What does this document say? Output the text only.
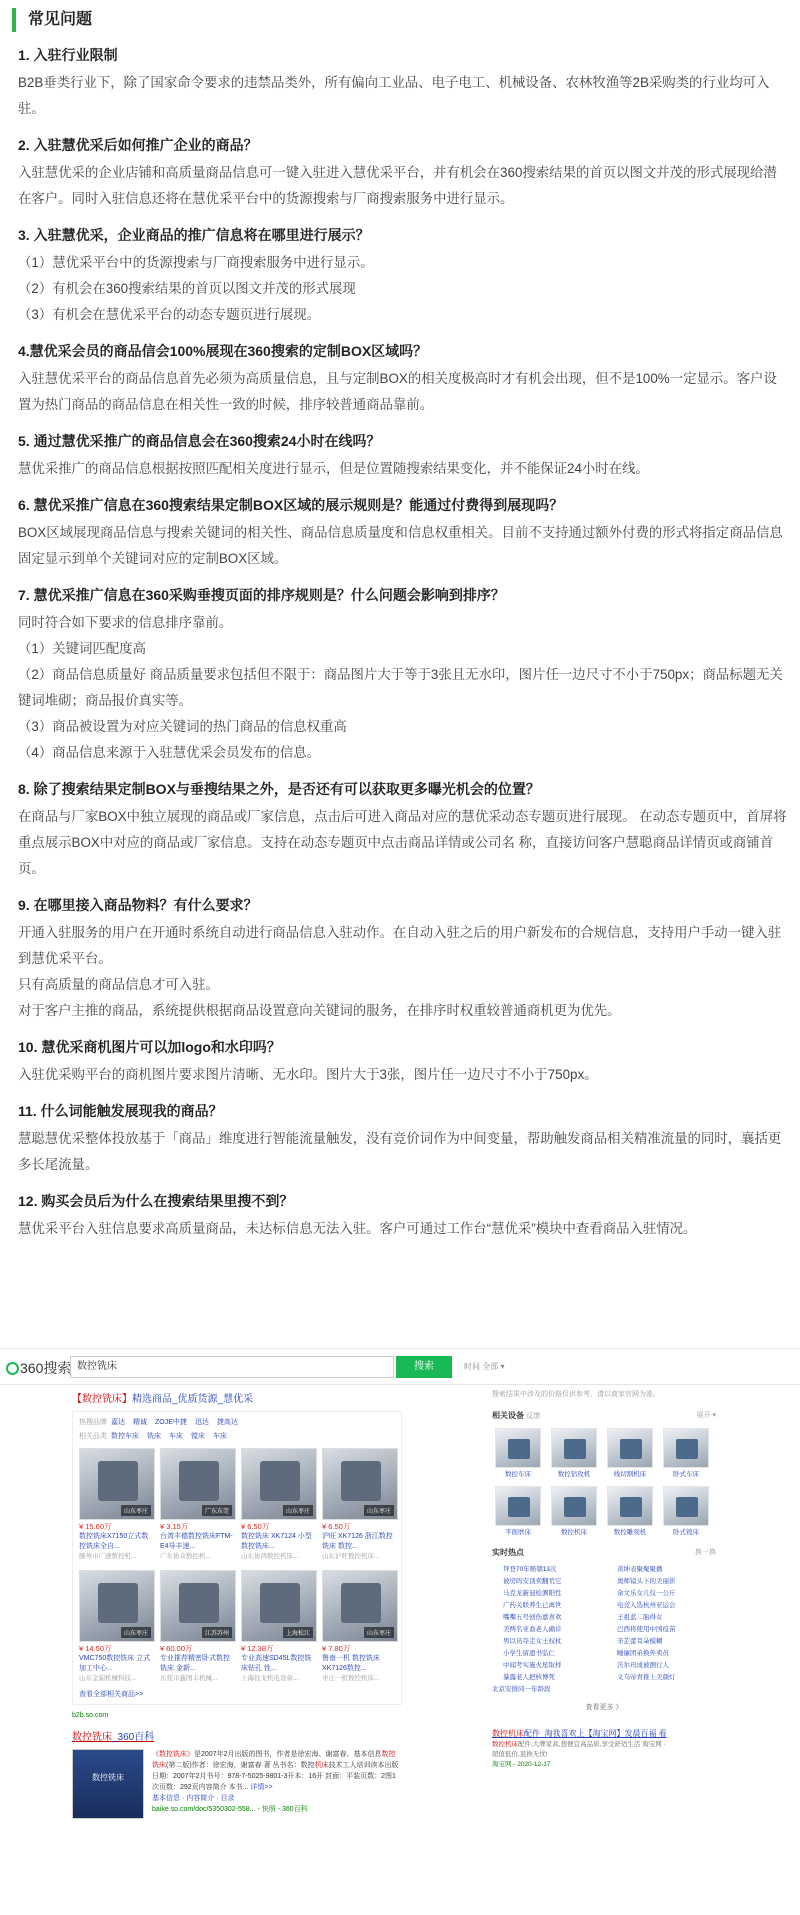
常见问题
1. 入驻行业限制

B2B垂类行业下，除了国家命令要求的违禁品类外，所有偏向工业品、电子电工、机械设备、农林牧渔等2B采购类的行业均可入驻。

2. 入驻慧优采后如何推广企业的商品？

入驻慧优采的企业店铺和高质量商品信息可一键入驻进入慧优采平台，并有机会在360搜索结果的首页以图文并茂的形式展现给潜在客户。同时入驻信息还将在慧优采平台中的货源搜索与厂商搜索服务中进行显示。

3. 入驻慧优采，企业商品的推广信息将在哪里进行展示？

（1）慧优采平台中的货源搜索与厂商搜索服务中进行显示。

（2）有机会在360搜索结果的首页以图文并茂的形式展现

（3）有机会在慧优采平台的动态专题页进行展现。

4.慧优采会员的商品信会100%展现在360搜索的定制BOX区域吗？

入驻慧优采平台的商品信息首先必须为高质量信息，且与定制BOX的相关度极高时才有机会出现，但不是100%一定显示。客户设置为热门商品的商品信息在相关性一致的时候，排序较普通商品靠前。

5. 通过慧优采推广的商品信息会在360搜索24小时在线吗？

慧优采推广的商品信息根据按照匹配相关度进行显示，但是位置随搜索结果变化，并不能保证24小时在线。

6. 慧优采推广信息在360搜索结果定制BOX区域的展示规则是？能通过付费得到展现吗？

BOX区域展现商品信息与搜索关键词的相关性、商品信息质量度和信息权重相关。目前不支持通过额外付费的形式将指定商品信息固定显示到单个关键词对应的定制BOX区域。

7. 慧优采推广信息在360采购垂搜页面的排序规则是？什么问题会影响到排序？

同时符合如下要求的信息排序靠前。

（1）关键词匹配度高

（2）商品信息质量好 商品质量要求包括但不限于：商品图片大于等于3张且无水印，图片任一边尺寸不小于750px；商品标题无关键词堆砌；商品报价真实等。

（3）商品被设置为对应关键词的热门商品的信息权重高

（4）商品信息来源于入驻慧优采会员发布的信息。

8. 除了搜索结果定制BOX与垂搜结果之外，是否还有可以获取更多曝光机会的位置？

在商品与厂家BOX中独立展现的商品或厂家信息，点击后可进入商品对应的慧优采动态专题页进行展现。 在动态专题页中，首屏将重点展示BOX中对应的商品或厂家信息。支持在动态专题页中点击商品详情或公司名 称，直接访问客户慧聪商品详情页或商铺首页。

9. 在哪里接入商品物料？有什么要求？

开通入驻服务的用户在开通时系统自动进行商品信息入驻动作。在自动入驻之后的用户新发布的合规信息，支持用户手动一键入驻到慧优采平台。

只有高质量的商品信息才可入驻。

对于客户主推的商品，系统提供根据商品设置意向关键词的服务，在排序时权重较普通商机更为优先。

10. 慧优采商机图片可以加logo和水印吗？

入驻优采购平台的商机图片要求图片清晰、无水印。图片大于3张，图片任一边尺寸不小于750px。

11. 什么词能触发展现我的商品？

慧聪慧优采整体投放基于「商品」维度进行智能流量触发，没有竞价词作为中间变量，帮助触发商品相关精准流量的同时，襄括更多长尾流量。

12. 购买会员后为什么在搜索结果里搜不到？

慧优采平台入驻信息要求高质量商品，未达标信息无法入驻。客户可通过工作台“慧优采”模块中查看商品入驻情况。

360搜索 数控铣床	搜索	时间 全部 ▾
【数控铣床】精选商品_优质货源_慧优采
热搜品牌 嘉达 精诚 ZOJE中捷 迅达 捷高达
相关品类 数控车床 铣床 车床 镗床 车床
山东枣庄
¥ 15.60万
数控铣床X7150立式数控铣床全自...
滕州市广速数控机...
广东东莞
¥ 3.15万
台湾丰德数控铣床FTM-E4导丰速...
广东协众数控机...
山东枣庄
¥ 6.50万
数控铣床 XK7124 小型数控铣床...
山东协鸿数控机床...
山东枣庄
¥ 6.50万
沪旺 XK7126 浙江数控铣床 数控...
山东沪旺数控机床...
山东枣庄
¥ 14.50万
VMC750数控铣床 立式加工中心...
山东金漏机械科技...
江苏苏州
¥ 60.00万
专业推荐精密卧式数控铣床 金新...
东莞市鑫国丰机械...
上海松江
¥ 12.38万
专业高速SD45L数控铣床钻孔 性...
上海钰戈机电设备...
山东枣庄
¥ 7.80万
鲁南一机 数控铣床 XK7126数控...
枣庄一机数控机床...
查看全部相关商品>>
b2b.so.com
数控铣床_360百科
数控铣床
《数控铣床》是2007年2月出版的图书，作者是徐宏海、谢富春。基本信息数控铣床(第二版)作者：徐宏海，谢富春 著 丛书名：数控机床技术工人培训读本出版日期：2007年2月书号：978-7-5025-9801-3开本：16开 封面：平装页数：2图1次页数：292页内容简介 本书... 详情>>
基本信息 · 内容简介 · 目录
baike.so.com/doc/5350302-558... - 快照 - 360百科
搜索结果中涉及的价格仅供参考，请以商家官网为准。
相关设备 反馈	展开 ▾
数控车床	数控钻攻机	线切割机床	卧式车床
平面磨床	数控机床	数控雕刻机	卧式镗床
实时热点	换一换
拜登70年赔朝13次	黄坤表聚聚聚播
被房吗安顶卖翻荒它	奥师镜头下的美丽影
马克龙新冠检测阳性	余文乐女儿仅一公斤
广药关联养生已离世	电竞入选杭州亚运会
嘴嘴五号创伤嘉喜欢	王祖蓝二胎得女
美两名亚裔老人确诊	巴西将使用中国疫苗
男以员夺走女王权杖	辛芷蕾耳朵模糊
小学生留遗书弘仁	睡廉团弟换外卖员
中闻考实施火星取样	沃尔玛成被测行人
暴露老人把核博死	义乌帝青推上美颜灯
北京安排同一年龄段
查看更多 》
数控机床配件_淘我喜欢上【淘宝网】发晨百福 看
数控机床配件,大牌家具,想便宜高品质,享受舒适生活 淘宝网 ·
超值低价,退换无忧!
淘宝网 - 2020-12-17
